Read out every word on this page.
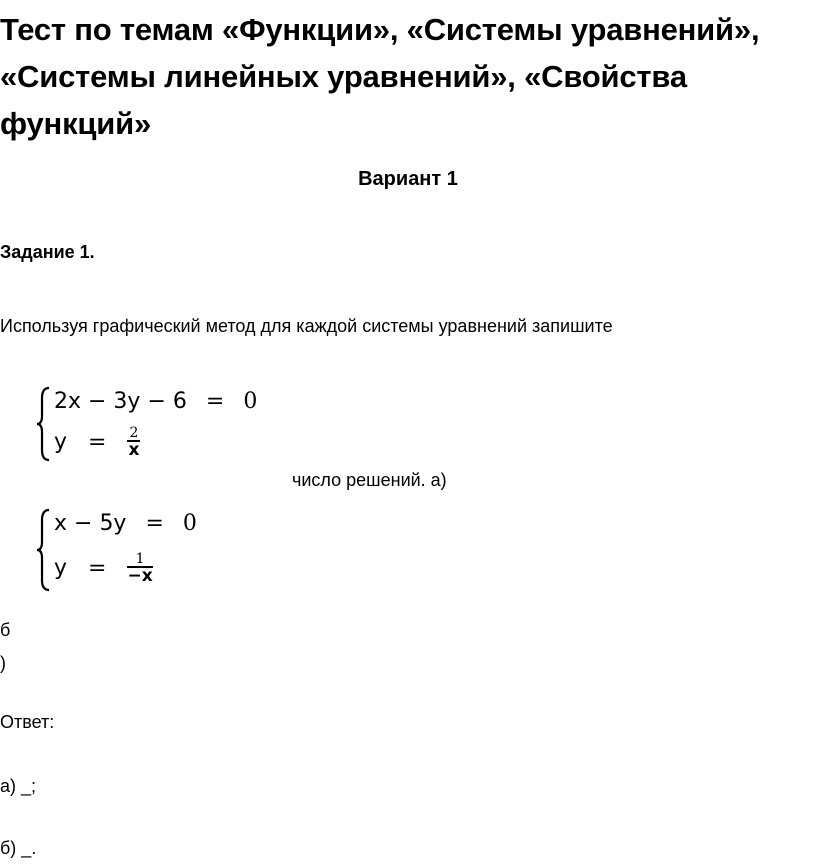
Тест по темам «Функции», «Системы уравнений», «Системы линейных уравнений», «Свойства функций»
Вариант 1
Задание 1.
Используя графический метод для каждой системы уравнений запишите
2x − 3y − 6 = 0
$y = \frac{2}{x}$
число решений. а)
x − 5y = 0
$y = \frac{1}{-x}$
б
)
Ответ:
а) _;
б) _.
